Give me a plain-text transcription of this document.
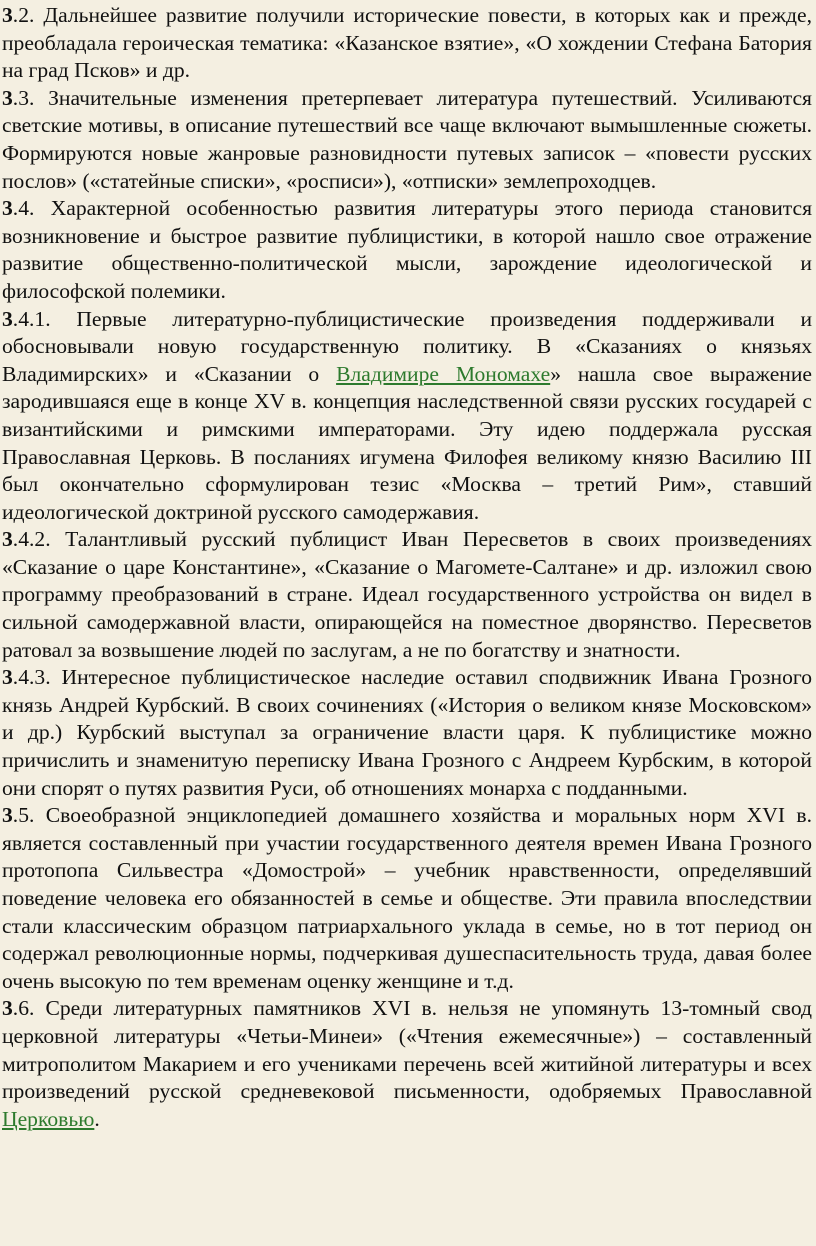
3.2. Дальнейшее развитие получили исторические повести, в которых как и прежде, преобладала героическая тематика: «Казанское взятие», «О хождении Стефана Батория на град Псков» и др.

3.3. Значительные изменения претерпевает литература путешествий. Усиливаются светские мотивы, в описание путешествий все чаще включают вымышленные сюжеты. Формируются новые жанровые разновидности путевых записок – «повести русских послов» («статейные списки», «росписи»), «отписки» землепроходцев.

3.4. Характерной особенностью развития литературы этого периода становится возникновение и быстрое развитие публицистики, в которой нашло свое отражение развитие общественно-политической мысли, зарождение идеологической и философской полемики.

3.4.1. Первые литературно-публицистические произведения поддерживали и обосновывали новую государственную политику. В «Сказаниях о князьях Владимирских» и «Сказании о Владимире Мономахе» нашла свое выражение зародившаяся еще в конце XV в. концепция наследственной связи русских государей с византийскими и римскими императорами. Эту идею поддержала русская Православная Церковь. В посланиях игумена Филофея великому князю Василию III был окончательно сформулирован тезис «Москва – третий Рим», ставший идеологической доктриной русского самодержавия.

3.4.2. Талантливый русский публицист Иван Пересветов в своих произведениях «Сказание о царе Константине», «Сказание о Магомете-Салтане» и др. изложил свою программу преобразований в стране. Идеал государственного устройства он видел в сильной самодержавной власти, опирающейся на поместное дворянство. Пересветов ратовал за возвышение людей по заслугам, а не по богатству и знатности.

3.4.3. Интересное публицистическое наследие оставил сподвижник Ивана Грозного князь Андрей Курбский. В своих сочинениях («История о великом князе Московском» и др.) Курбский выступал за ограничение власти царя. К публицистике можно причислить и знаменитую переписку Ивана Грозного с Андреем Курбским, в которой они спорят о путях развития Руси, об отношениях монарха с подданными.

3.5. Своеобразной энциклопедией домашнего хозяйства и моральных норм XVI в. является составленный при участии государственного деятеля времен Ивана Грозного протопопа Сильвестра «Домострой» – учебник нравственности, определявший поведение человека его обязанностей в семье и обществе. Эти правила впоследствии стали классическим образцом патриархального уклада в семье, но в тот период он содержал революционные нормы, подчеркивая душеспасительность труда, давая более очень высокую по тем временам оценку женщине и т.д.

3.6. Среди литературных памятников XVI в. нельзя не упомянуть 13-томный свод церковной литературы «Четьи-Минеи» («Чтения ежемесячные») – составленный митрополитом Макарием и его учениками перечень всей житийной литературы и всех произведений русской средневековой письменности, одобряемых Православной Церковью.
